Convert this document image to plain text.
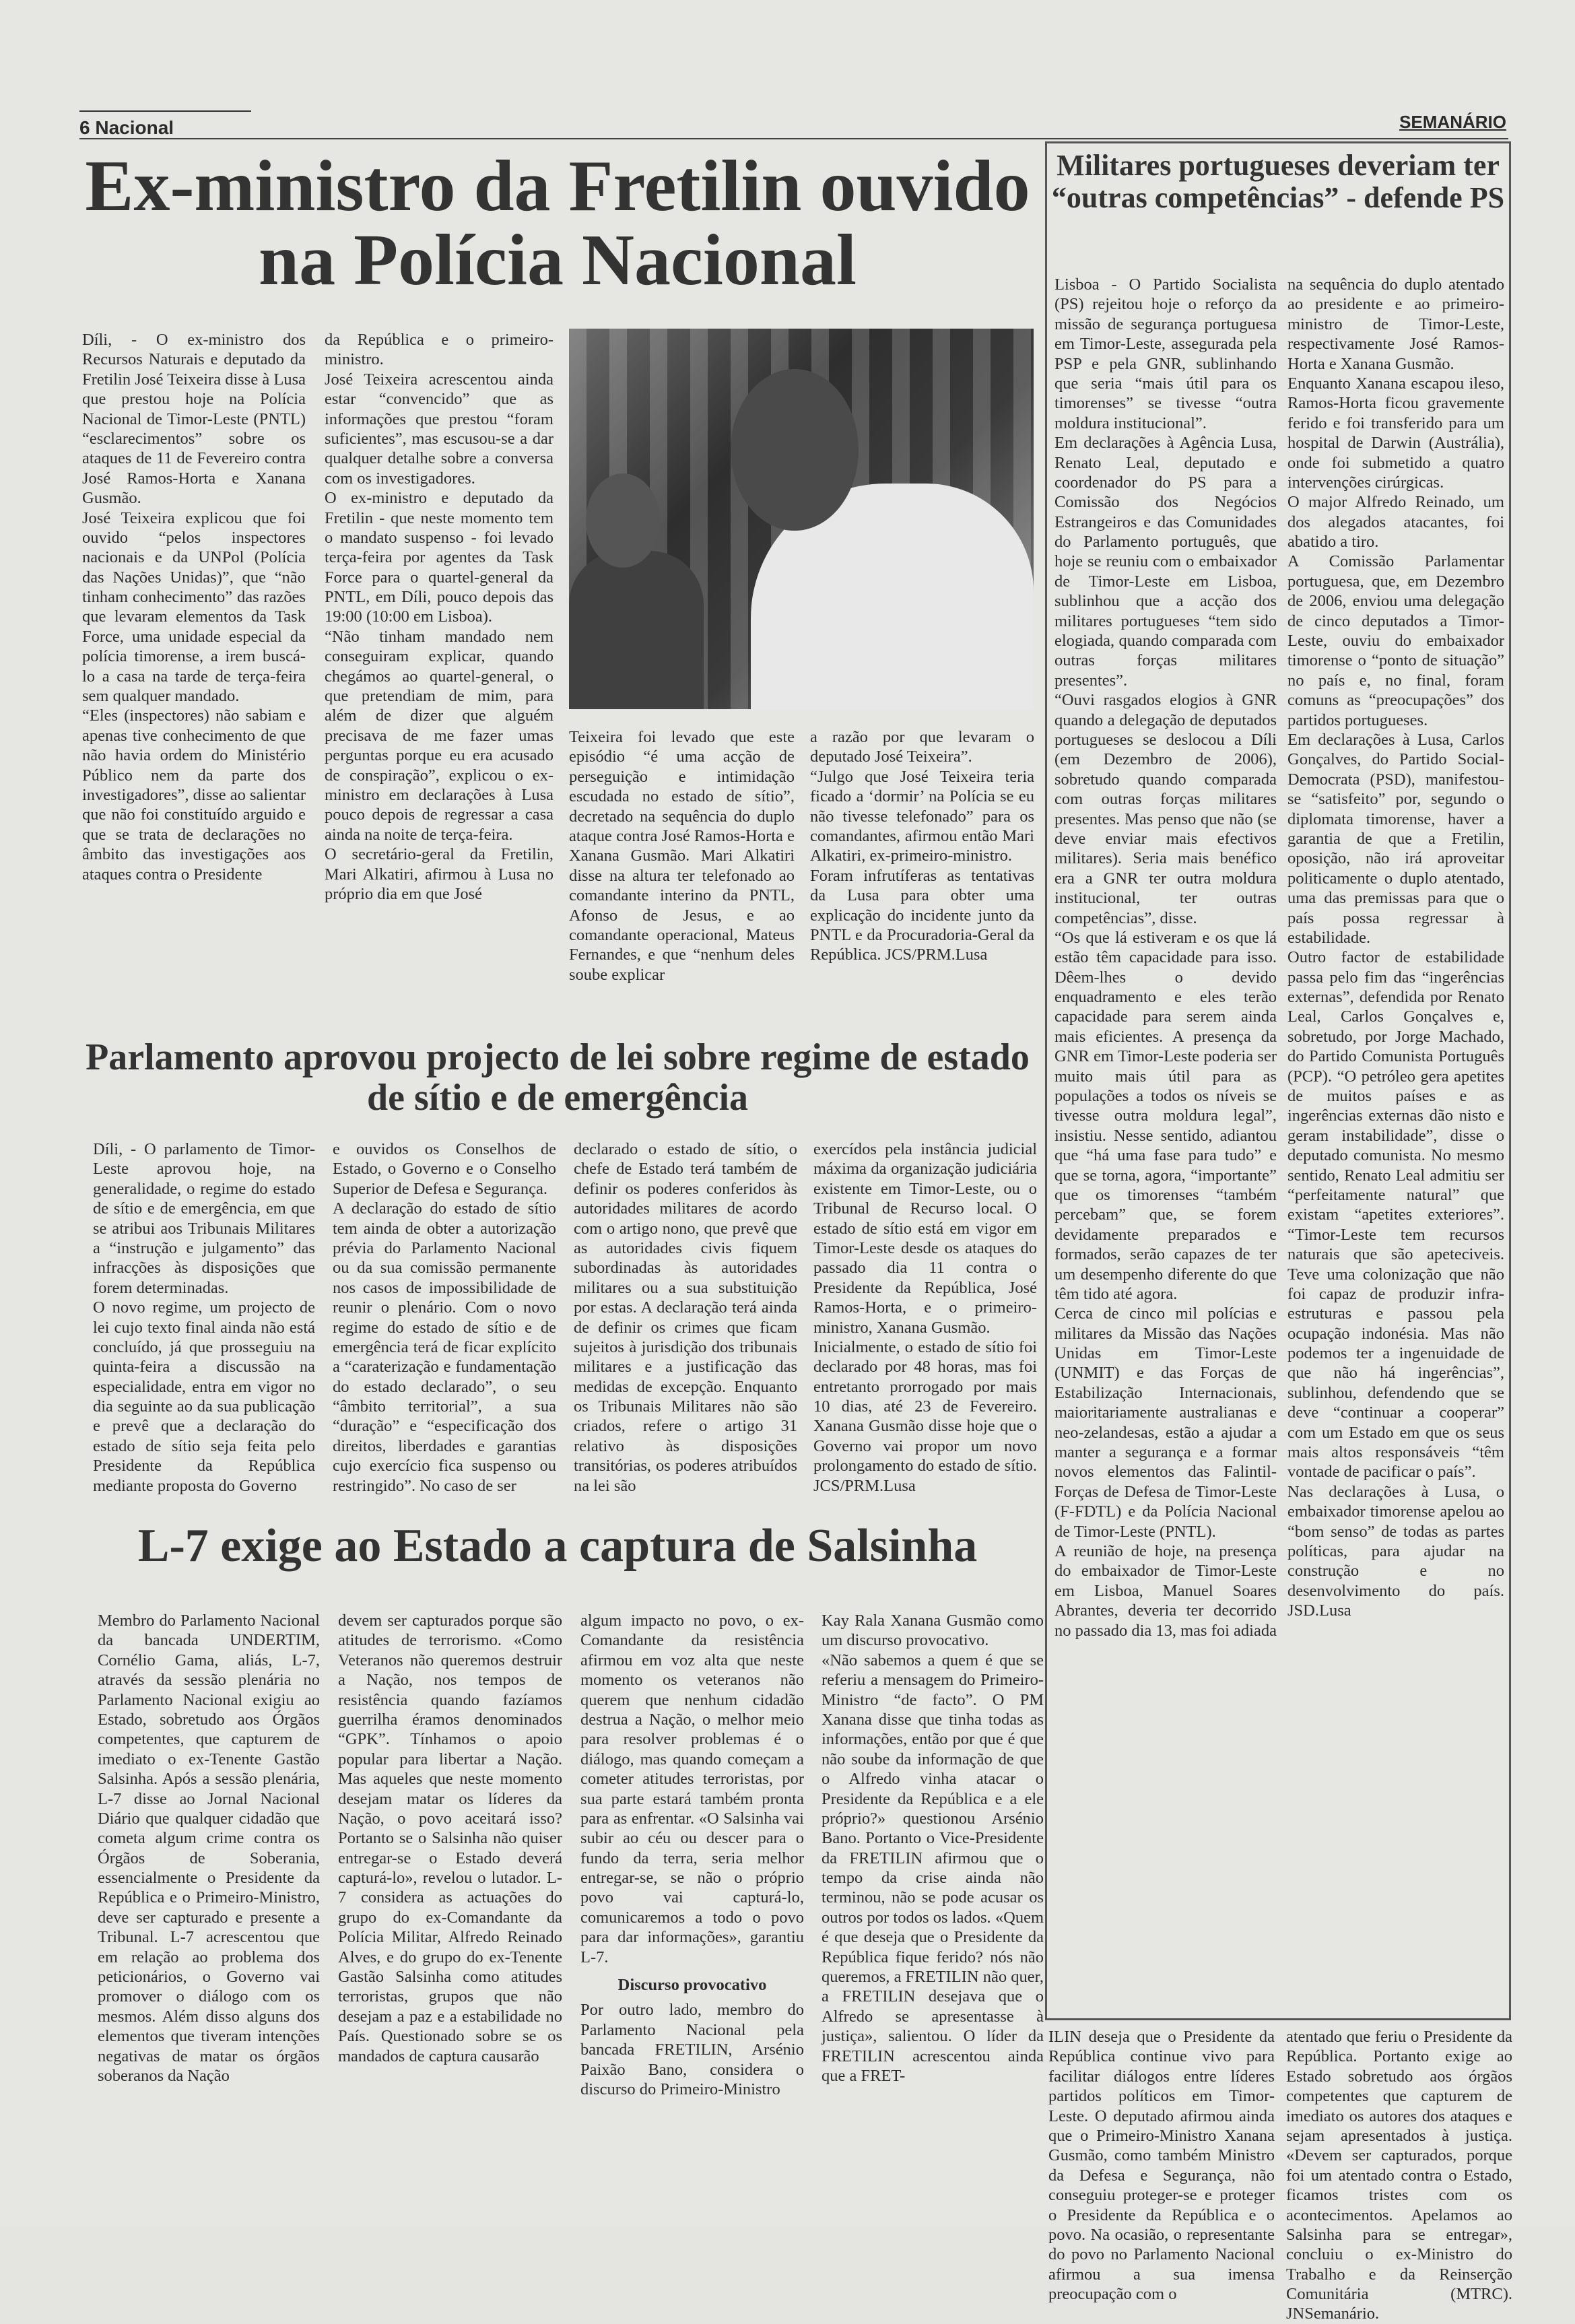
6 Nacional	SEMANÁRIO
Ex-ministro da Fretilin ouvido na Polícia Nacional

Díli, - O ex-ministro dos Recursos Naturais e deputado da Fretilin José Teixeira disse à Lusa que prestou hoje na Polícia Nacional de Timor-Leste (PNTL) “esclarecimentos” sobre os ataques de 11 de Fevereiro contra José Ramos-Horta e Xanana Gusmão.

José Teixeira explicou que foi ouvido “pelos inspectores nacionais e da UNPol (Polícia das Nações Unidas)”, que “não tinham conhecimento” das razões que levaram elementos da Task Force, uma unidade especial da polícia timorense, a irem buscá-lo a casa na tarde de terça-feira sem qualquer mandado.

“Eles (inspectores) não sabiam e apenas tive conhecimento de que não havia ordem do Ministério Público nem da parte dos investigadores”, disse ao salientar que não foi constituído arguido e que se trata de declarações no âmbito das investigações aos ataques contra o Presidente

da República e o primeiro-ministro.

José Teixeira acrescentou ainda estar “convencido” que as informações que prestou “foram suficientes”, mas escusou-se a dar qualquer detalhe sobre a conversa com os investigadores.

O ex-ministro e deputado da Fretilin - que neste momento tem o mandato suspenso - foi levado terça-feira por agentes da Task Force para o quartel-general da PNTL, em Díli, pouco depois das 19:00 (10:00 em Lisboa).

“Não tinham mandado nem conseguiram explicar, quando chegámos ao quartel-general, o que pretendiam de mim, para além de dizer que alguém precisava de me fazer umas perguntas porque eu era acusado de conspiração”, explicou o ex-ministro em declarações à Lusa pouco depois de regressar a casa ainda na noite de terça-feira.

O secretário-geral da Fretilin, Mari Alkatiri, afirmou à Lusa no próprio dia em que José

Teixeira foi levado que este episódio “é uma acção de perseguição e intimidação escudada no estado de sítio”, decretado na sequência do duplo ataque contra José Ramos-Horta e Xanana Gusmão. Mari Alkatiri disse na altura ter telefonado ao comandante interino da PNTL, Afonso de Jesus, e ao comandante operacional, Mateus Fernandes, e que “nenhum deles soube explicar

a razão por que levaram o deputado José Teixeira”.

“Julgo que José Teixeira teria ficado a ‘dormir’ na Polícia se eu não tivesse telefonado” para os comandantes, afirmou então Mari Alkatiri, ex-primeiro-ministro.

Foram infrutíferas as tentativas da Lusa para obter uma explicação do incidente junto da PNTL e da Procuradoria-Geral da República. JCS/PRM.Lusa

Parlamento aprovou projecto de lei sobre regime de estado de sítio e de emergência

Díli, - O parlamento de Timor-Leste aprovou hoje, na generalidade, o regime do estado de sítio e de emergência, em que se atribui aos Tribunais Militares a “instrução e julgamento” das infracções às disposições que forem determinadas.

O novo regime, um projecto de lei cujo texto final ainda não está concluído, já que prosseguiu na quinta-feira a discussão na especialidade, entra em vigor no dia seguinte ao da sua publicação e prevê que a declaração do estado de sítio seja feita pelo Presidente da República mediante proposta do Governo

e ouvidos os Conselhos de Estado, o Governo e o Conselho Superior de Defesa e Segurança.

A declaração do estado de sítio tem ainda de obter a autorização prévia do Parlamento Nacional ou da sua comissão permanente nos casos de impossibilidade de reunir o plenário. Com o novo regime do estado de sítio e de emergência terá de ficar explícito a “caraterização e fundamentação do estado declarado”, o seu “âmbito territorial”, a sua “duração” e “especificação dos direitos, liberdades e garantias cujo exercício fica suspenso ou restringido”. No caso de ser

declarado o estado de sítio, o chefe de Estado terá também de definir os poderes conferidos às autoridades militares de acordo com o artigo nono, que prevê que as autoridades civis fiquem subordinadas às autoridades militares ou a sua substituição por estas. A declaração terá ainda de definir os crimes que ficam sujeitos à jurisdição dos tribunais militares e a justificação das medidas de excepção. Enquanto os Tribunais Militares não são criados, refere o artigo 31 relativo às disposições transitórias, os poderes atribuídos na lei são

exercídos pela instância judicial máxima da organização judiciária existente em Timor-Leste, ou o Tribunal de Recurso local. O estado de sítio está em vigor em Timor-Leste desde os ataques do passado dia 11 contra o Presidente da República, José Ramos-Horta, e o primeiro-ministro, Xanana Gusmão.

Inicialmente, o estado de sítio foi declarado por 48 horas, mas foi entretanto prorrogado por mais 10 dias, até 23 de Fevereiro. Xanana Gusmão disse hoje que o Governo vai propor um novo prolongamento do estado de sítio. JCS/PRM.Lusa

L-7 exige ao Estado a captura de Salsinha

Membro do Parlamento Nacional da bancada UNDERTIM, Cornélio Gama, aliás, L-7, através da sessão plenária no Parlamento Nacional exigiu ao Estado, sobretudo aos Órgãos competentes, que capturem de imediato o ex-Tenente Gastão Salsinha. Após a sessão plenária, L-7 disse ao Jornal Nacional Diário que qualquer cidadão que cometa algum crime contra os Órgãos de Soberania, essencialmente o Presidente da República e o Primeiro-Ministro, deve ser capturado e presente a Tribunal. L-7 acrescentou que em relação ao problema dos peticionários, o Governo vai promover o diálogo com os mesmos. Além disso alguns dos elementos que tiveram intenções negativas de matar os órgãos soberanos da Nação

devem ser capturados porque são atitudes de terrorismo. «Como Veteranos não queremos destruir a Nação, nos tempos de resistência quando fazíamos guerrilha éramos denominados “GPK”. Tínhamos o apoio popular para libertar a Nação. Mas aqueles que neste momento desejam matar os líderes da Nação, o povo aceitará isso? Portanto se o Salsinha não quiser entregar-se o Estado deverá capturá-lo», revelou o lutador. L-7 considera as actuações do grupo do ex-Comandante da Polícia Militar, Alfredo Reinado Alves, e do grupo do ex-Tenente Gastão Salsinha como atitudes terroristas, grupos que não desejam a paz e a estabilidade no País. Questionado sobre se os mandados de captura causarão

algum impacto no povo, o ex-Comandante da resistência afirmou em voz alta que neste momento os veteranos não querem que nenhum cidadão destrua a Nação, o melhor meio para resolver problemas é o diálogo, mas quando começam a cometer atitudes terroristas, por sua parte estará também pronta para as enfrentar. «O Salsinha vai subir ao céu ou descer para o fundo da terra, seria melhor entregar-se, se não o próprio povo vai capturá-lo, comunicaremos a todo o povo para dar informações», garantiu L-7.

Discurso provocativo

Por outro lado, membro do Parlamento Nacional pela bancada FRETILIN, Arsénio Paixão Bano, considera o discurso do Primeiro-Ministro

Kay Rala Xanana Gusmão como um discurso provocativo.

«Não sabemos a quem é que se referiu a mensagem do Primeiro-Ministro “de facto”. O PM Xanana disse que tinha todas as informações, então por que é que não soube da informação de que o Alfredo vinha atacar o Presidente da República e a ele próprio?» questionou Arsénio Bano. Portanto o Vice-Presidente da FRETILIN afirmou que o tempo da crise ainda não terminou, não se pode acusar os outros por todos os lados. «Quem é que deseja que o Presidente da República fique ferido? nós não queremos, a FRETILIN não quer, a FRETILIN desejava que o Alfredo se apresentasse à justiça», salientou. O líder da FRETILIN acrescentou ainda que a FRET-

ILIN deseja que o Presidente da República continue vivo para facilitar diálogos entre líderes partidos políticos em Timor-Leste. O deputado afirmou ainda que o Primeiro-Ministro Xanana Gusmão, como também Ministro da Defesa e Segurança, não conseguiu proteger-se e proteger o Presidente da República e o povo. Na ocasião, o representante do povo no Parlamento Nacional afirmou a sua imensa preocupação com o

atentado que feriu o Presidente da República. Portanto exige ao Estado sobretudo aos órgãos competentes que capturem de imediato os autores dos ataques e sejam apresentados à justiça. «Devem ser capturados, porque foi um atentado contra o Estado, ficamos tristes com os acontecimentos. Apelamos ao Salsinha para se entregar», concluiu o ex-Ministro do Trabalho e da Reinserção Comunitária (MTRC). JNSemanário.

Militares portugueses deveriam ter “outras competências” - defende PS

Lisboa - O Partido Socialista (PS) rejeitou hoje o reforço da missão de segurança portuguesa em Timor-Leste, assegurada pela PSP e pela GNR, sublinhando que seria “mais útil para os timorenses” se tivesse “outra moldura institucional”.

Em declarações à Agência Lusa, Renato Leal, deputado e coordenador do PS para a Comissão dos Negócios Estrangeiros e das Comunidades do Parlamento português, que hoje se reuniu com o embaixador de Timor-Leste em Lisboa, sublinhou que a acção dos militares portugueses “tem sido elogiada, quando comparada com outras forças militares presentes”.

“Ouvi rasgados elogios à GNR quando a delegação de deputados portugueses se deslocou a Díli (em Dezembro de 2006), sobretudo quando comparada com outras forças militares presentes. Mas penso que não (se deve enviar mais efectivos militares). Seria mais benéfico era a GNR ter outra moldura institucional, ter outras competências”, disse.

“Os que lá estiveram e os que lá estão têm capacidade para isso. Dêem-lhes o devido enquadramento e eles terão capacidade para serem ainda mais eficientes. A presença da GNR em Timor-Leste poderia ser muito mais útil para as populações a todos os níveis se tivesse outra moldura legal”, insistiu. Nesse sentido, adiantou que “há uma fase para tudo” e que se torna, agora, “importante” que os timorenses “também percebam” que, se forem devidamente preparados e formados, serão capazes de ter um desempenho diferente do que têm tido até agora.

Cerca de cinco mil polícias e militares da Missão das Nações Unidas em Timor-Leste (UNMIT) e das Forças de Estabilização Internacionais, maioritariamente australianas e neo-zelandesas, estão a ajudar a manter a segurança e a formar novos elementos das Falintil-Forças de Defesa de Timor-Leste (F-FDTL) e da Polícia Nacional de Timor-Leste (PNTL).

A reunião de hoje, na presença do embaixador de Timor-Leste em Lisboa, Manuel Soares Abrantes, deveria ter decorrido no passado dia 13, mas foi adiada

na sequência do duplo atentado ao presidente e ao primeiro-ministro de Timor-Leste, respectivamente José Ramos-Horta e Xanana Gusmão.

Enquanto Xanana escapou ileso, Ramos-Horta ficou gravemente ferido e foi transferido para um hospital de Darwin (Austrália), onde foi submetido a quatro intervenções cirúrgicas.

O major Alfredo Reinado, um dos alegados atacantes, foi abatido a tiro.

A Comissão Parlamentar portuguesa, que, em Dezembro de 2006, enviou uma delegação de cinco deputados a Timor-Leste, ouviu do embaixador timorense o “ponto de situação” no país e, no final, foram comuns as “preocupações” dos partidos portugueses.

Em declarações à Lusa, Carlos Gonçalves, do Partido Social-Democrata (PSD), manifestou-se “satisfeito” por, segundo o diplomata timorense, haver a garantia de que a Fretilin, oposição, não irá aproveitar politicamente o duplo atentado, uma das premissas para que o país possa regressar à estabilidade.

Outro factor de estabilidade passa pelo fim das “ingerências externas”, defendida por Renato Leal, Carlos Gonçalves e, sobretudo, por Jorge Machado, do Partido Comunista Português (PCP). “O petróleo gera apetites de muitos países e as ingerências externas dão nisto e geram instabilidade”, disse o deputado comunista. No mesmo sentido, Renato Leal admitiu ser “perfeitamente natural” que existam “apetites exteriores”. “Timor-Leste tem recursos naturais que são apeteciveis. Teve uma colonização que não foi capaz de produzir infra-estruturas e passou pela ocupação indonésia. Mas não podemos ter a ingenuidade de que não há ingerências”, sublinhou, defendendo que se deve “continuar a cooperar” com um Estado em que os seus mais altos responsáveis “têm vontade de pacificar o país”.

Nas declarações à Lusa, o embaixador timorense apelou ao “bom senso” de todas as partes políticas, para ajudar na construção e no desenvolvimento do país. JSD.Lusa
